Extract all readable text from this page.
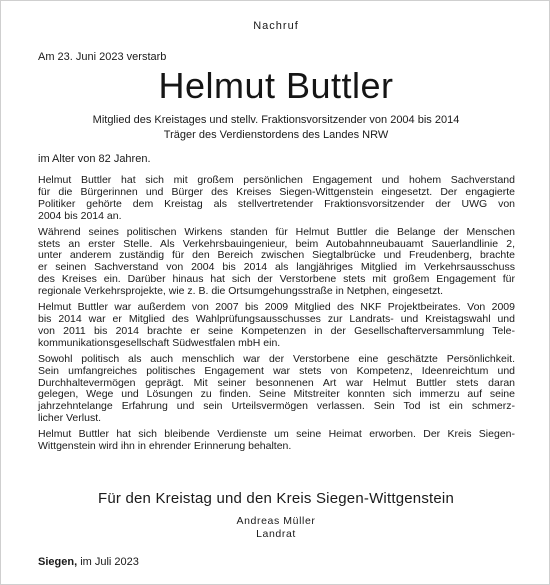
Nachruf
Am 23. Juni 2023 verstarb
Helmut Buttler
Mitglied des Kreistages und stellv. Fraktionsvorsitzender von 2004 bis 2014
Träger des Verdienstordens des Landes NRW
im Alter von 82 Jahren.

Helmut Buttler hat sich mit großem persönlichen Engagement und hohem Sachverstand
für die Bürgerinnen und Bürger des Kreises Siegen-Wittgenstein eingesetzt. Der engagierte
Politiker gehörte dem Kreistag als stellvertretender Fraktionsvorsitzender der UWG von
2004 bis 2014 an.

Während seines politischen Wirkens standen für Helmut Buttler die Belange der Menschen
stets an erster Stelle. Als Verkehrsbauingenieur, beim Autobahnneubauamt Sauerlandlinie 2,
unter anderem zuständig für den Bereich zwischen Siegtalbrücke und Freudenberg, brachte
er seinen Sachverstand von 2004 bis 2014 als langjähriges Mitglied im Verkehrsausschuss
des Kreises ein. Darüber hinaus hat sich der Verstorbene stets mit großem Engagement für
regionale Verkehrsprojekte, wie z. B. die Ortsumgehungsstraße in Netphen, eingesetzt.

Helmut Buttler war außerdem von 2007 bis 2009 Mitglied des NKF Projektbeirates. Von 2009
bis 2014 war er Mitglied des Wahlprüfungsausschusses zur Landrats- und Kreistagswahl und
von 2011 bis 2014 brachte er seine Kompetenzen in der Gesellschafterversammlung Tele-
kommunikationsgesellschaft Südwestfalen mbH ein.

Sowohl politisch als auch menschlich war der Verstorbene eine geschätzte Persönlichkeit.
Sein umfangreiches politisches Engagement war stets von Kompetenz, Ideenreichtum und
Durchhaltevermögen geprägt. Mit seiner besonnenen Art war Helmut Buttler stets daran
gelegen, Wege und Lösungen zu finden. Seine Mitstreiter konnten sich immerzu auf seine
jahrzehntelange Erfahrung und sein Urteilsvermögen verlassen. Sein Tod ist ein schmerz-
licher Verlust.

Helmut Buttler hat sich bleibende Verdienste um seine Heimat erworben. Der Kreis Siegen-
Wittgenstein wird ihn in ehrender Erinnerung behalten.

Für den Kreistag und den Kreis Siegen-Wittgenstein
Andreas Müller
Landrat
Siegen, im Juli 2023
